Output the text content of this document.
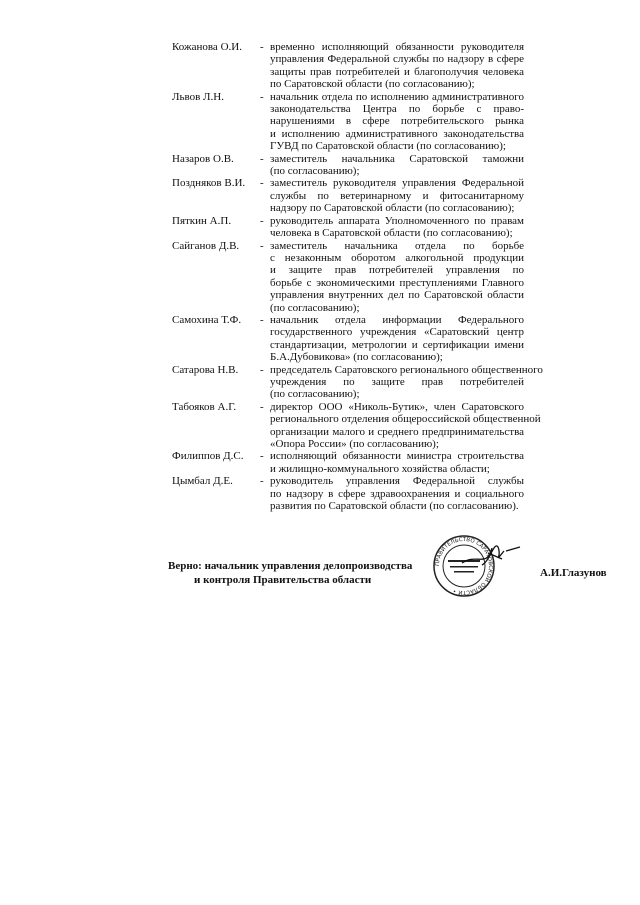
Кожанова О.И.	- временно исполняющий обязанности руководителя
управления Федеральной службы по надзору в сфере
защиты прав потребителей и благополучия человека
по Саратовской области (по согласованию);
Львов Л.Н.	- начальник отдела по исполнению административного
законодательства Центра по борьбе с право-
нарушениями в сфере потребительского рынка
и исполнению административного законодательства
ГУВД по Саратовской области (по согласованию);
Назаров О.В.	- заместитель начальника Саратовской таможни
(по согласованию);
Поздняков В.И.	- заместитель руководителя управления Федеральной
службы по ветеринарному и фитосанитарному
надзору по Саратовской области (по согласованию);
Пяткин А.П.	- руководитель аппарата Уполномоченного по правам
человека в Саратовской области (по согласованию);
Сайганов Д.В.	- заместитель начальника отдела по борьбе
с незаконным оборотом алкогольной продукции
и защите прав потребителей управления по
борьбе с экономическими преступлениями Главного
управления внутренних дел по Саратовской области
(по согласованию);
Самохина Т.Ф.	- начальник отдела информации Федерального
государственного учреждения «Саратовский центр
стандартизации, метрологии и сертификации имени
Б.А.Дубовикова» (по согласованию);
Сатарова Н.В.	- председатель Саратовского регионального общественного
учреждения по защите прав потребителей
(по согласованию);
Табояков А.Г.	- директор ООО «Николь-Бутик», член Саратовского
регионального отделения общероссийской общественной
организации малого и среднего предпринимательства
«Опора России» (по согласованию);
Филиппов Д.С.	- исполняющий обязанности министра строительства
и жилищно-коммунального хозяйства области;
Цымбал Д.Е.	- руководитель управления Федеральной службы
по надзору в сфере здравоохранения и социального
развития по Саратовской области (по согласованию).
Верно: начальник управления делопроизводства
и контроля Правительства области
А.И.Глазунов
ПРАВИТЕЛЬСТВО САРАТОВСКОЙ ОБЛАСТИ •
